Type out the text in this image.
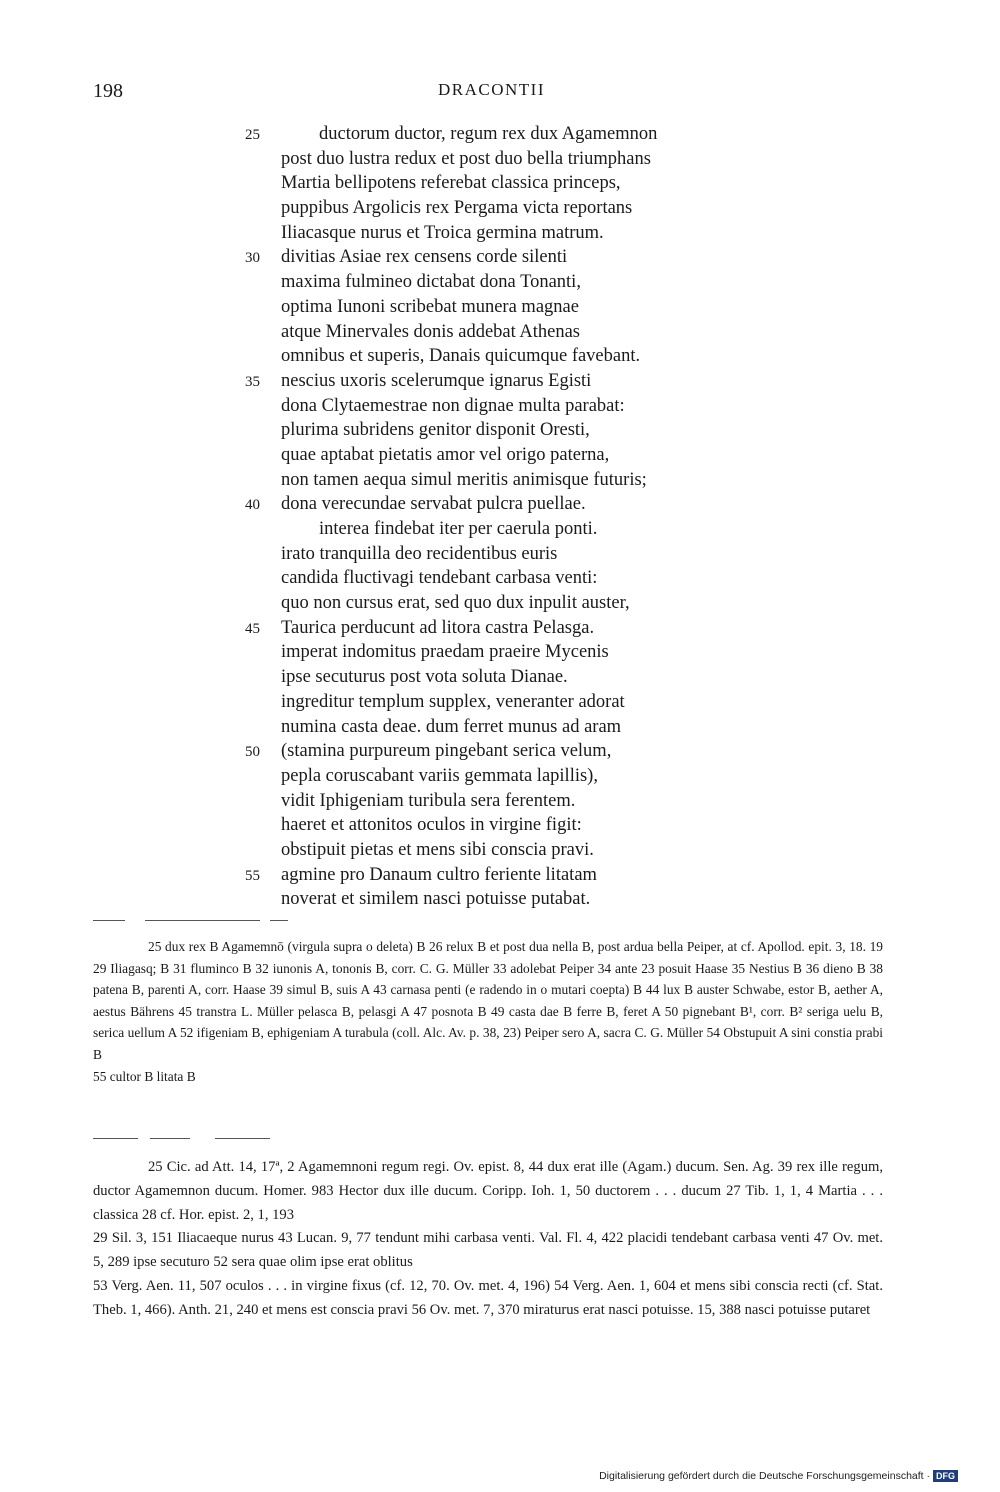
198	DRACONTII
25	ductorum ductor, regum rex dux Agamemnon
post duo lustra redux et post duo bella triumphans
Martia bellipotens referebat classica princeps,
puppibus Argolicis rex Pergama victa reportans
Iliacasque nurus et Troica germina matrum.
30	divitias Asiae rex censens corde silenti
maxima fulmineo dictabat dona Tonanti,
optima Iunoni scribebat munera magnae
atque Minervales donis addebat Athenas
omnibus et superis, Danais quicumque favebant.
35	nescius uxoris scelerumque ignarus Egisti
dona Clytaemestrae non dignae multa parabat:
plurima subridens genitor disponit Oresti,
quae aptabat pietatis amor vel origo paterna,
non tamen aequa simul meritis animisque futuris;
40	dona verecundae servabat pulcra puellae.
interea findebat iter per caerula ponti.
irato tranquilla deo recidentibus euris
candida fluctivagi tendebant carbasa venti:
quo non cursus erat, sed quo dux inpulit auster,
45	Taurica perducunt ad litora castra Pelasga.
imperat indomitus praedam praeire Mycenis
ipse secuturus post vota soluta Dianae.
ingreditur templum supplex, veneranter adorat
numina casta deae. dum ferret munus ad aram
50	(stamina purpureum pingebant serica velum,
pepla coruscabant variis gemmata lapillis),
vidit Iphigeniam turibula sera ferentem.
haeret et attonitos oculos in virgine figit:
obstipuit pietas et mens sibi conscia pravi.
55	agmine pro Danaum cultro feriente litatam
noverat et similem nasci potuisse putabat.

25 dux rex B Agamemnō (virgula supra o deleta) B 26 relux B et post dua nella B, post ardua bella Peiper, at cf. Apollod. epit. 3, 18. 19 29 Iliagasq; B 31 fluminco B 32 iunonis A, tononis B, corr. C. G. Müller 33 adolebat Peiper 34 ante 23 posuit Haase 35 Nestius B 36 dieno B 38 patena B, parenti A, corr. Haase 39 simul B, suis A 43 carnasa penti (e radendo in o mutari coepta) B 44 lux B auster Schwabe, estor B, aether A, aestus Bährens 45 transtra L. Müller pelasca B, pelasgi A 47 posnota B 49 casta dae B ferre B, feret A 50 pignebant B¹, corr. B² seriga uelu B, serica uellum A 52 ifigeniam B, ephigeniam A turabula (coll. Alc. Av. p. 38, 23) Peiper sero A, sacra C. G. Müller 54 Obstupuit A sini constia prabi B

55 cultor B litata B

25 Cic. ad Att. 14, 17ª, 2 Agamemnoni regum regi. Ov. epist. 8, 44 dux erat ille (Agam.) ducum. Sen. Ag. 39 rex ille regum, ductor Agamemnon ducum. Homer. 983 Hector dux ille ducum. Coripp. Ioh. 1, 50 ductorem . . . ducum 27 Tib. 1, 1, 4 Martia . . . classica 28 cf. Hor. epist. 2, 1, 193

29 Sil. 3, 151 Iliacaeque nurus 43 Lucan. 9, 77 tendunt mihi carbasa venti. Val. Fl. 4, 422 placidi tendebant carbasa venti 47 Ov. met. 5, 289 ipse secuturo 52 sera quae olim ipse erat oblitus

53 Verg. Aen. 11, 507 oculos . . . in virgine fixus (cf. 12, 70. Ov. met. 4, 196) 54 Verg. Aen. 1, 604 et mens sibi conscia recti (cf. Stat. Theb. 1, 466). Anth. 21, 240 et mens est conscia pravi 56 Ov. met. 7, 370 miraturus erat nasci potuisse. 15, 388 nasci potuisse putaret

Digitalisierung gefördert durch die Deutsche Forschungsgemeinschaft · DFG
